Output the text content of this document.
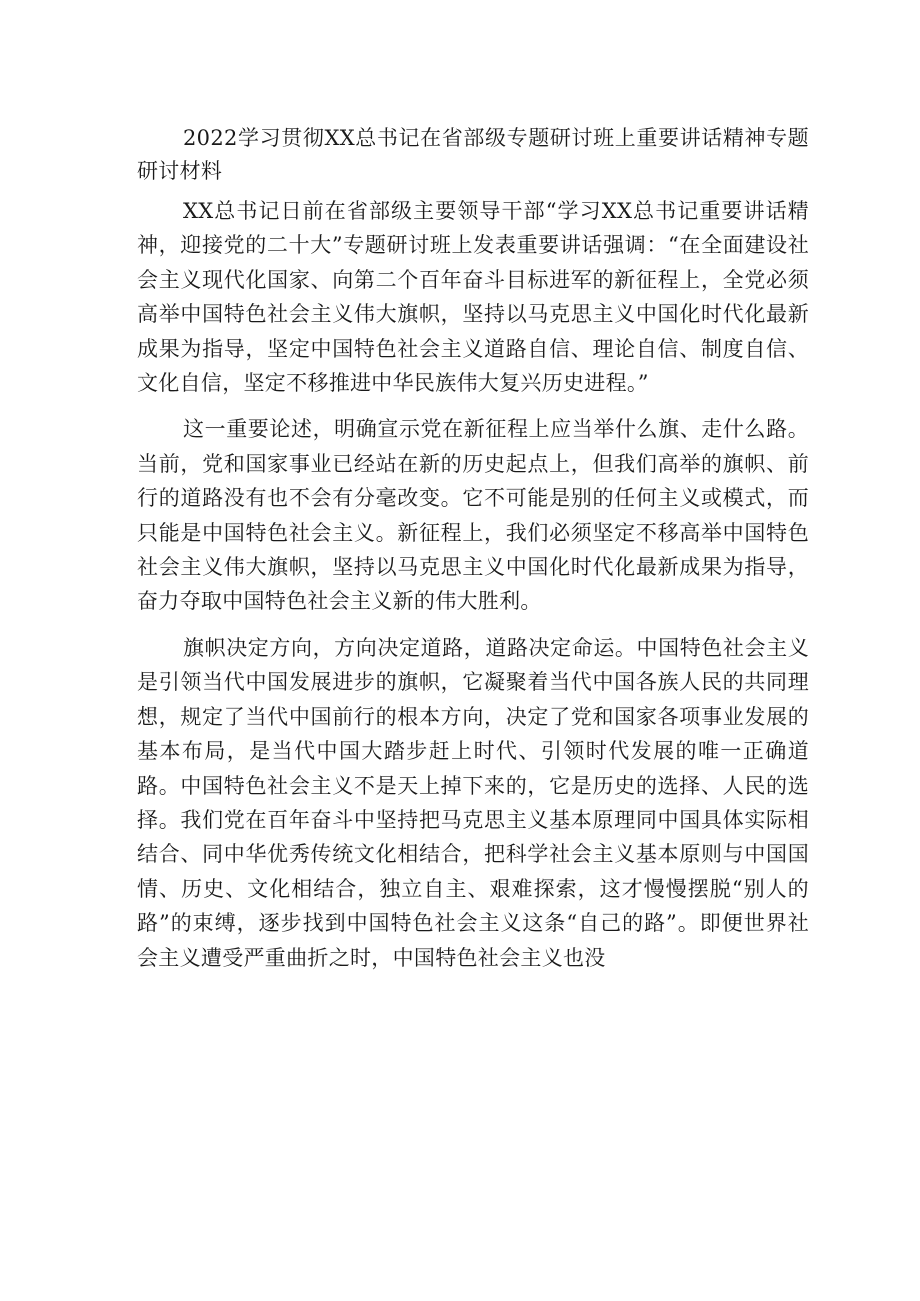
2022学习贯彻XX总书记在省部级专题研讨班上重要讲话精神专题研讨材料

XX总书记日前在省部级主要领导干部“学习XX总书记重要讲话精神，迎接党的二十大”专题研讨班上发表重要讲话强调：“在全面建设社会主义现代化国家、向第二个百年奋斗目标进军的新征程上，全党必须高举中国特色社会主义伟大旗帜，坚持以马克思主义中国化时代化最新成果为指导，坚定中国特色社会主义道路自信、理论自信、制度自信、文化自信，坚定不移推进中华民族伟大复兴历史进程。”

这一重要论述，明确宣示党在新征程上应当举什么旗、走什么路。当前，党和国家事业已经站在新的历史起点上，但我们高举的旗帜、前行的道路没有也不会有分毫改变。它不可能是别的任何主义或模式，而只能是中国特色社会主义。新征程上，我们必须坚定不移高举中国特色社会主义伟大旗帜，坚持以马克思主义中国化时代化最新成果为指导，奋力夺取中国特色社会主义新的伟大胜利。

旗帜决定方向，方向决定道路，道路决定命运。中国特色社会主义是引领当代中国发展进步的旗帜，它凝聚着当代中国各族人民的共同理想，规定了当代中国前行的根本方向，决定了党和国家各项事业发展的基本布局，是当代中国大踏步赶上时代、引领时代发展的唯一正确道路。中国特色社会主义不是天上掉下来的，它是历史的选择、人民的选择。我们党在百年奋斗中坚持把马克思主义基本原理同中国具体实际相结合、同中华优秀传统文化相结合，把科学社会主义基本原则与中国国情、历史、文化相结合，独立自主、艰难探索，这才慢慢摆脱“别人的路”的束缚，逐步找到中国特色社会主义这条“自己的路”。即便世界社会主义遭受严重曲折之时，中国特色社会主义也没
